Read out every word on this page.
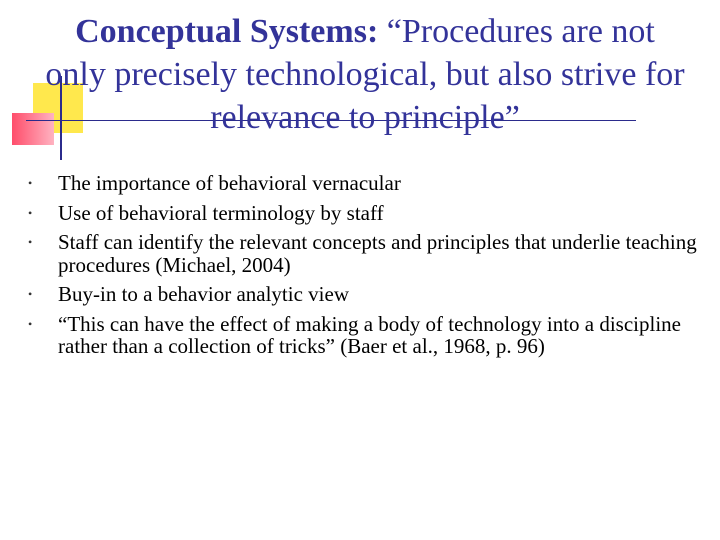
Conceptual Systems: “Procedures are not only precisely technological, but also strive for relevance to principle”
• The importance of behavioral vernacular
• Use of behavioral terminology by staff
• Staff can identify the relevant concepts and principles that underlie teaching procedures (Michael, 2004)
• Buy-in to a behavior analytic view
• “This can have the effect of making a body of technology into a discipline rather than a collection of tricks” (Baer et al., 1968, p. 96)
